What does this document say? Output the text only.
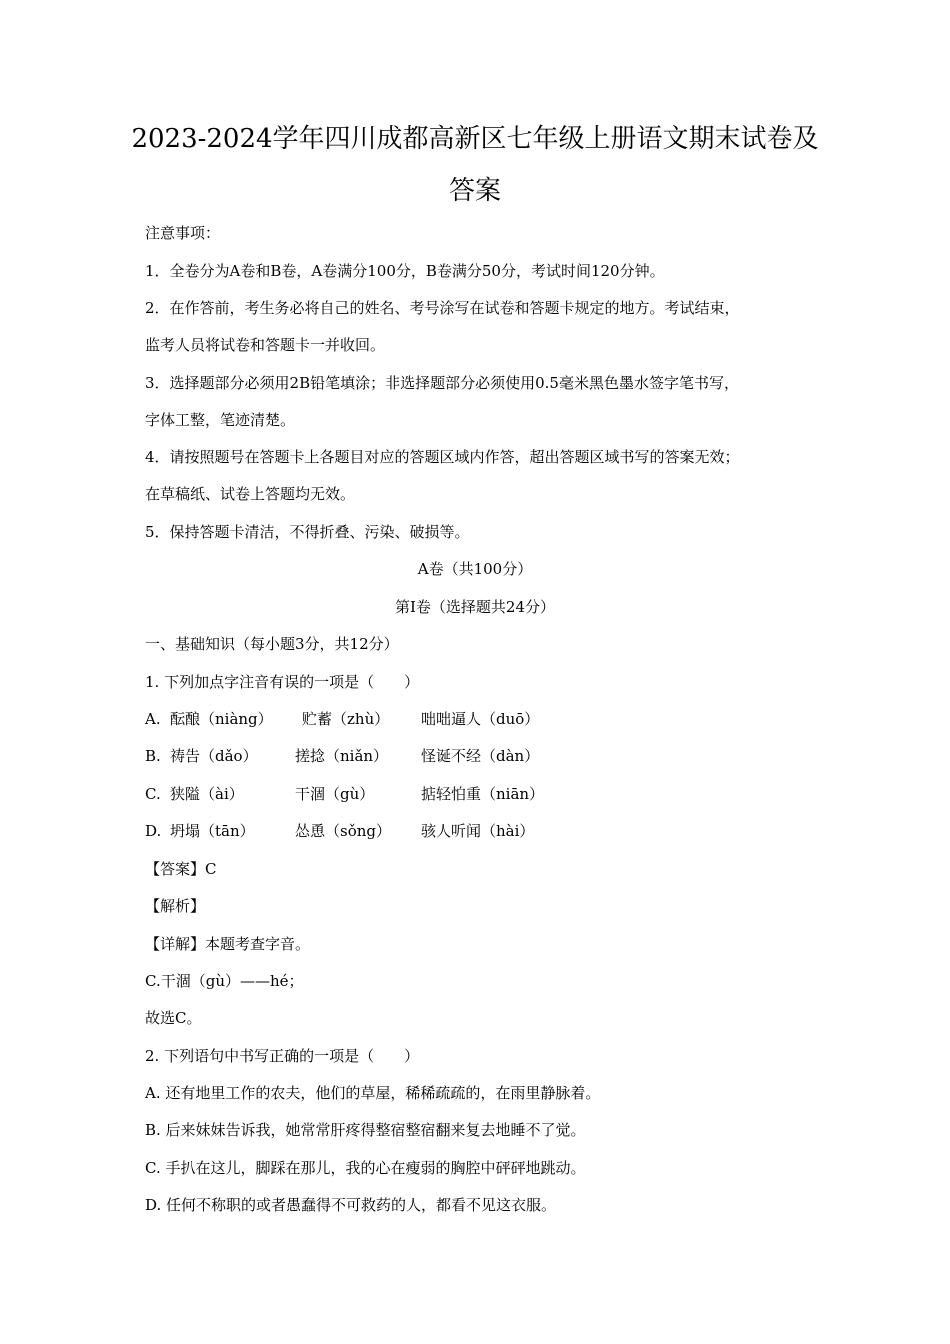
2023-2024学年四川成都高新区七年级上册语文期末试卷及
答案
注意事项：
1．全卷分为A卷和B卷，A卷满分100分，B卷满分50分，考试时间120分钟。
2．在作答前，考生务必将自己的姓名、考号涂写在试卷和答题卡规定的地方。考试结束，
监考人员将试卷和答题卡一并收回。
3．选择题部分必须用2B铅笔填涂；非选择题部分必须使用0.5毫米黑色墨水签字笔书写，
字体工整，笔迹清楚。
4．请按照题号在答题卡上各题目对应的答题区域内作答，超出答题区域书写的答案无效；
在草稿纸、试卷上答题均无效。
5．保持答题卡清洁，不得折叠、污染、破损等。
A卷（共100分）
第Ⅰ卷（选择题共24分）
一、基础知识（每小题3分，共12分）
1. 下列加点字注音有误的一项是（　　）
A. 酝酿（niàng） 贮蓄（zhù） 咄咄逼人（duō）
B. 祷告（dǎo） 搓捻（niǎn） 怪诞不经（dàn）
C. 狭隘（ài）	干涸（gù）	掂轻怕重（niān）
D. 坍塌（tān）	怂恿（sǒng） 骇人听闻（hài）
【答案】C
【解析】
【详解】本题考查字音。
C.干涸（gù）——hé；
故选C。
2. 下列语句中书写正确的一项是（　　）
A. 还有地里工作的农夫，他们的草屋，稀稀疏疏的，在雨里静脉着。
B. 后来妹妹告诉我，她常常肝疼得整宿整宿翻来复去地睡不了觉。
C. 手扒在这儿，脚踩在那儿，我的心在瘦弱的胸腔中砰砰地跳动。
D. 任何不称职的或者愚蠢得不可救药的人，都看不见这衣服。
